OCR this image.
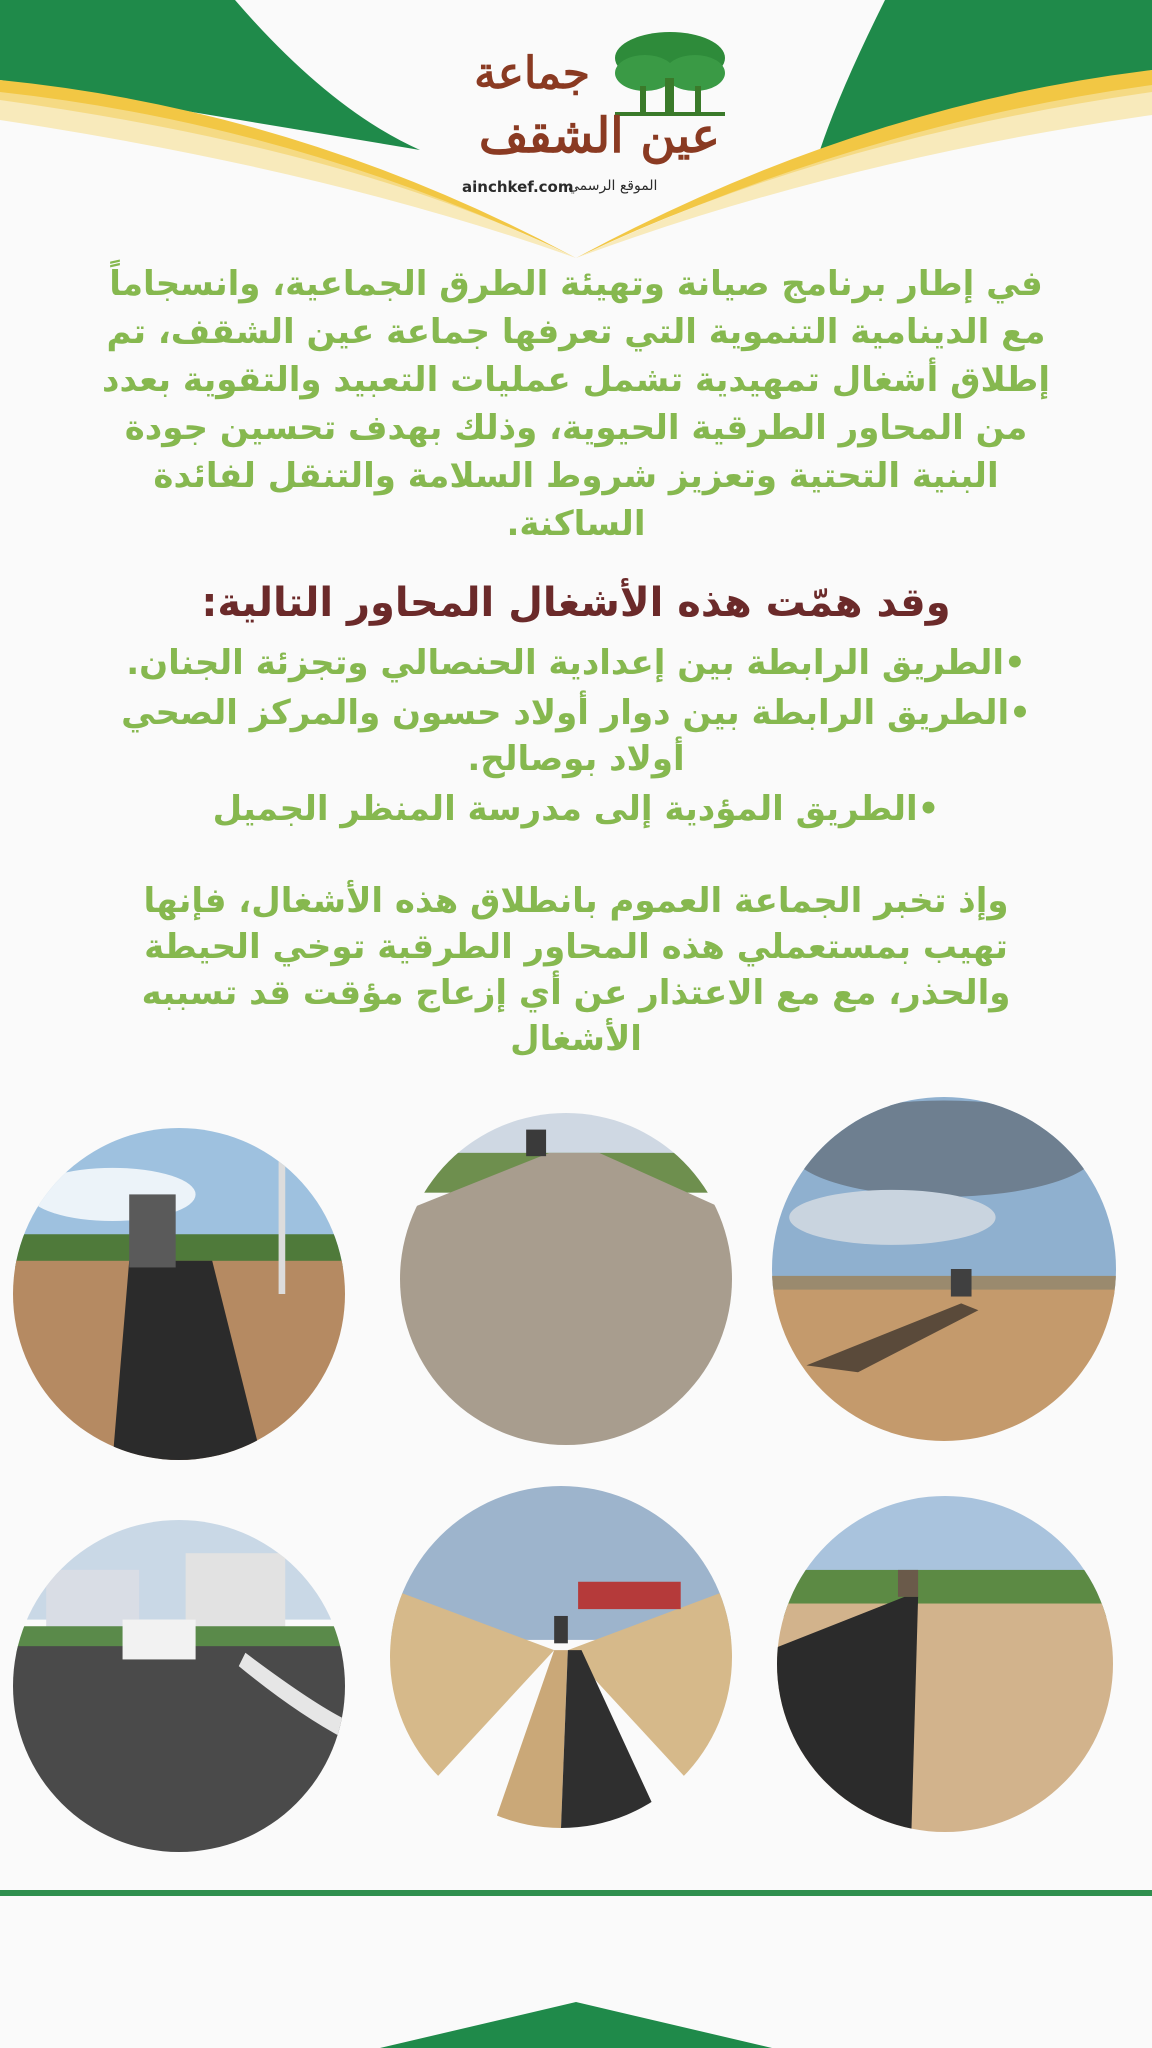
جماعة
عين الشقف
ainchkef.com
الموقع الرسمي
في إطار برنامج صيانة وتهيئة الطرق الجماعية، وانسجاماً مع الدينامية التنموية التي تعرفها جماعة عين الشقف، تم إطلاق أشغال تمهيدية تشمل عمليات التعبيد والتقوية بعدد من المحاور الطرقية الحيوية، وذلك بهدف تحسين جودة البنية التحتية وتعزيز شروط السلامة والتنقل لفائدة الساكنة.
وقد همّت هذه الأشغال المحاور التالية:
•الطريق الرابطة بين إعدادية الحنصالي وتجزئة الجنان.
•الطريق الرابطة بين دوار أولاد حسون والمركز الصحي أولاد بوصالح.
•الطريق المؤدية إلى مدرسة المنظر الجميل
وإذ تخبر الجماعة العموم بانطلاق هذه الأشغال، فإنها تهيب بمستعملي هذه المحاور الطرقية توخي الحيطة والحذر، مع مع الاعتذار عن أي إزعاج مؤقت قد تسببه الأشغال
